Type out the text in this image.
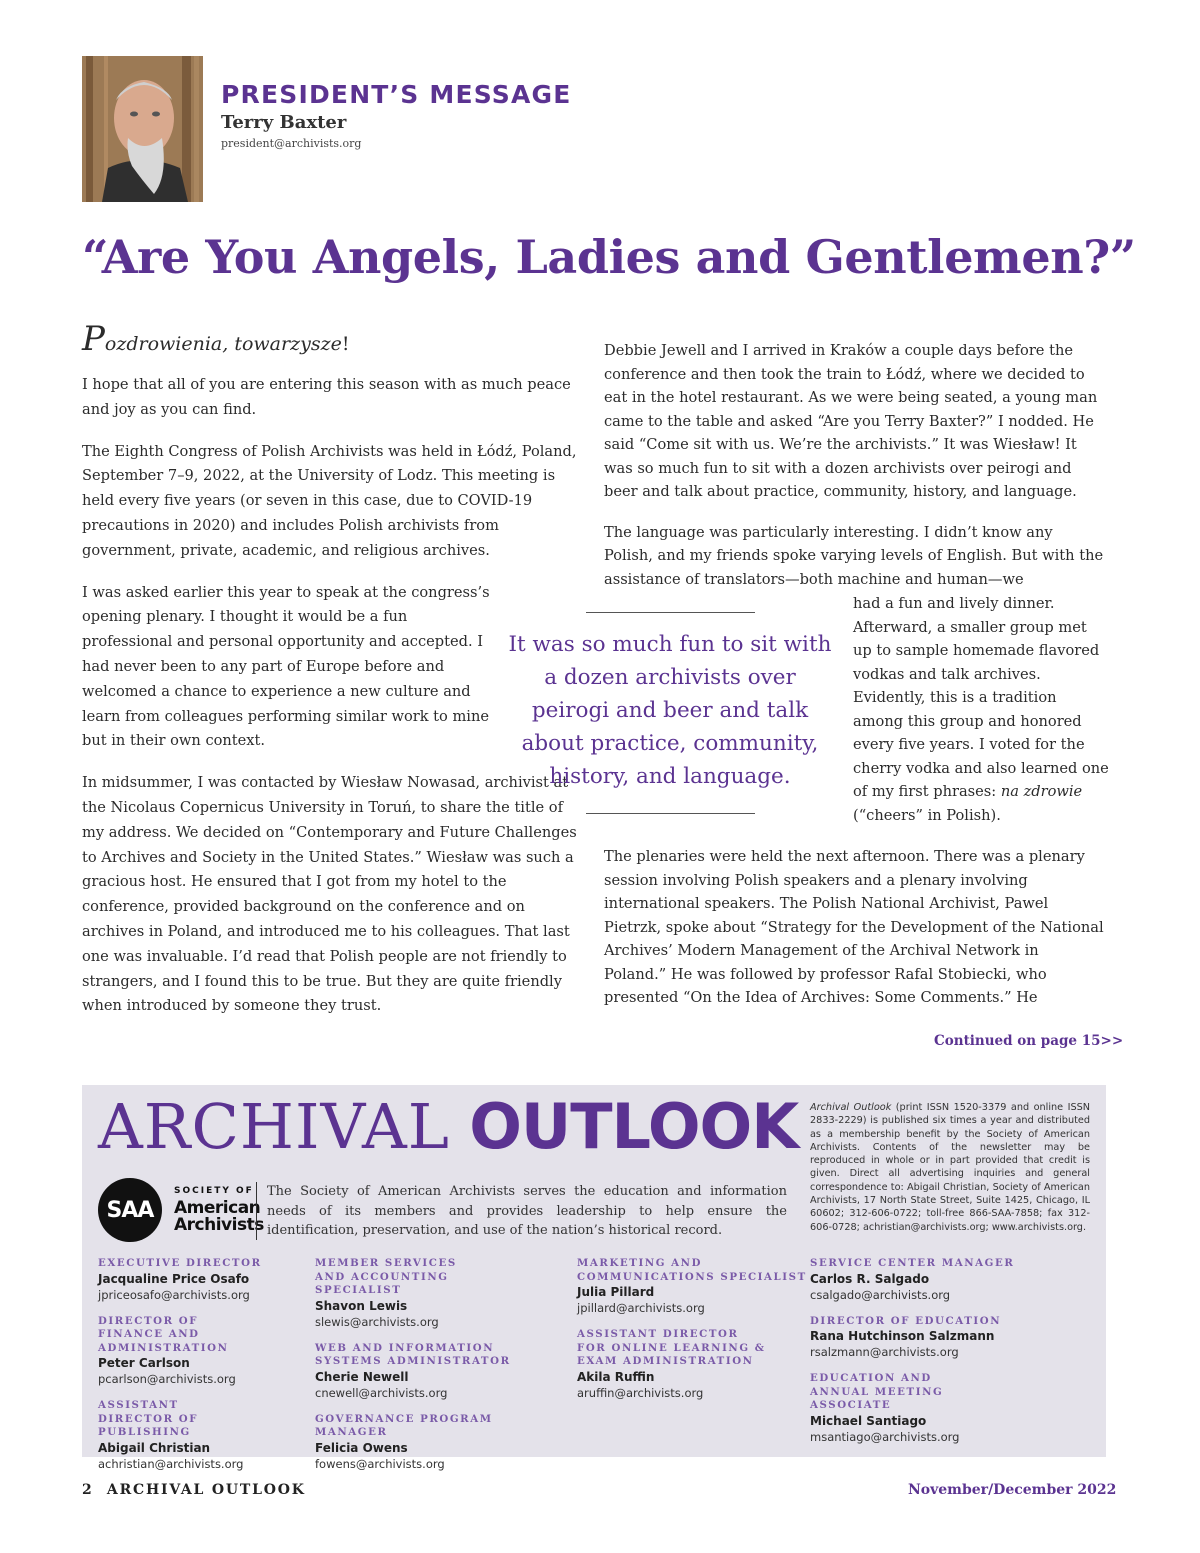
PRESIDENT’S MESSAGE
Terry Baxter
president@archivists.org
“Are You Angels, Ladies and Gentlemen?”

Pozdrowienia, towarzysze!

I hope that all of you are entering this season with as much peace and joy as you can find.

The Eighth Congress of Polish Archivists was held in Łódź, Poland, September 7–9, 2022, at the University of Lodz. This meeting is held every five years (or seven in this case, due to COVID-19 precautions in 2020) and includes Polish archivists from government, private, academic, and religious archives.

I was asked earlier this year to speak at the congress’s opening plenary. I thought it would be a fun professional and personal opportunity and accepted. I had never been to any part of Europe before and welcomed a chance to experience a new culture and learn from colleagues performing similar work to mine but in their own context.

In midsummer, I was contacted by Wiesław Nowasad, archivist at the Nicolaus Copernicus University in Toruń, to share the title of my address. We decided on “Contemporary and Future Challenges to Archives and Society in the United States.” Wiesław was such a gracious host. He ensured that I got from my hotel to the conference, provided background on the conference and on archives in Poland, and introduced me to his colleagues. That last one was invaluable. I’d read that Polish people are not friendly to strangers, and I found this to be true. But they are quite friendly when introduced by someone they trust.

Debbie Jewell and I arrived in Kraków a couple days before the conference and then took the train to Łódź, where we decided to eat in the hotel restaurant. As we were being seated, a young man came to the table and asked “Are you Terry Baxter?” I nodded. He said “Come sit with us. We’re the archivists.” It was Wiesław! It was so much fun to sit with a dozen archivists over peirogi and beer and talk about practice, community, history, and language.

The language was particularly interesting. I didn’t know any Polish, and my friends spoke varying levels of English. But with the assistance of translators—both machine and human—we

had a fun and lively dinner. Afterward, a smaller group met up to sample homemade flavored vodkas and talk archives. Evidently, this is a tradition among this group and honored every five years. I voted for the cherry vodka and also learned one of my first phrases: na zdrowie (“cheers” in Polish).
The plenaries were held the next afternoon. There was a plenary session involving Polish speakers and a plenary involving international speakers. The Polish National Archivist, Pawel Pietrzk, spoke about “Strategy for the Development of the National Archives’ Modern Management of the Archival Network in Poland.” He was followed by professor Rafal Stobiecki, who presented “On the Idea of Archives: Some Comments.” He
It was so much fun to sit with a dozen archivists over peirogi and beer and talk about practice, community, history, and language.
Continued on page 15>>
ARCHIVAL OUTLOOK
SAA
SOCIETY OF
American
Archivists
The Society of American Archivists serves the education and information needs of its members and provides leadership to help ensure the identification, preservation, and use of the nation’s historical record.
Archival Outlook (print ISSN 1520-3379 and online ISSN 2833-2229) is published six times a year and distributed as a membership benefit by the Society of American Archivists. Contents of the newsletter may be reproduced in whole or in part provided that credit is given. Direct all advertising inquiries and general correspondence to: Abigail Christian, Society of American Archivists, 17 North State Street, Suite 1425, Chicago, IL 60602; 312-606-0722; toll-free 866-SAA-7858; fax 312-606-0728; achristian@archivists.org; www.archivists.org.
EXECUTIVE DIRECTOR
Jacqualine Price Osafo
jpriceosafo@archivists.org
DIRECTOR OF FINANCE AND ADMINISTRATION
Peter Carlson
pcarlson@archivists.org
ASSISTANT DIRECTOR OF PUBLISHING
Abigail Christian
achristian@archivists.org
MEMBER SERVICES AND ACCOUNTING SPECIALIST
Shavon Lewis
slewis@archivists.org
WEB AND INFORMATION SYSTEMS ADMINISTRATOR
Cherie Newell
cnewell@archivists.org
GOVERNANCE PROGRAM MANAGER
Felicia Owens
fowens@archivists.org
MARKETING AND COMMUNICATIONS SPECIALIST
Julia Pillard
jpillard@archivists.org
ASSISTANT DIRECTOR FOR ONLINE LEARNING & EXAM ADMINISTRATION
Akila Ruffin
aruffin@archivists.org
SERVICE CENTER MANAGER
Carlos R. Salgado
csalgado@archivists.org
DIRECTOR OF EDUCATION
Rana Hutchinson Salzmann
rsalzmann@archivists.org
EDUCATION AND ANNUAL MEETING ASSOCIATE
Michael Santiago
msantiago@archivists.org
2 ARCHIVAL OUTLOOK	November/December 2022
